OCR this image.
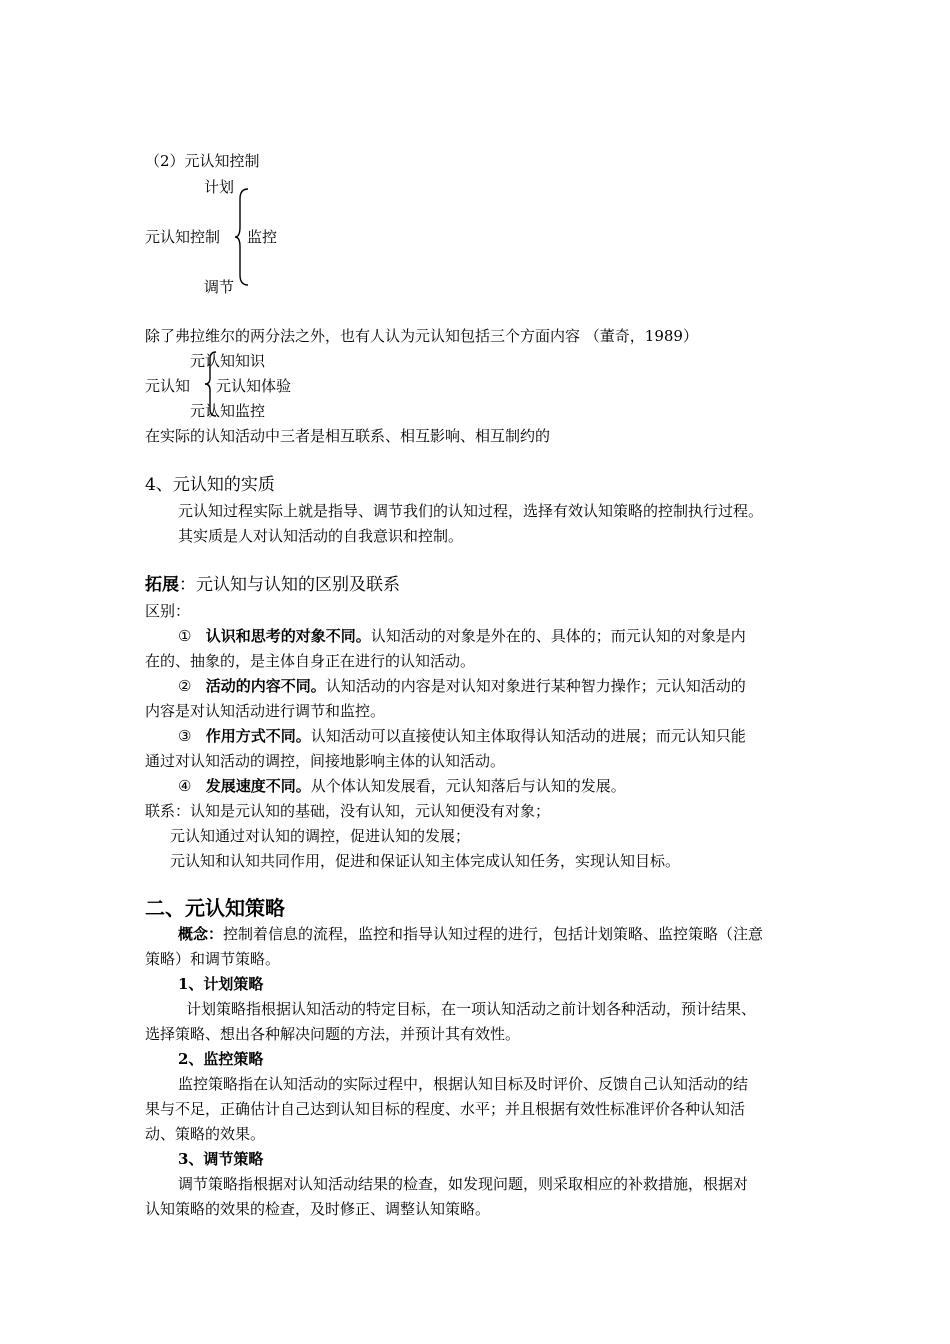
（2）元认知控制
计划
元认知控制 监控
调节
除了弗拉维尔的两分法之外，也有人认为元认知包括三个方面内容 （董奇，1989）
元认知知识
元认知 元认知体验
元认知监控
在实际的认知活动中三者是相互联系、相互影响、相互制约的
4、元认知的实质
元认知过程实际上就是指导、调节我们的认知过程，选择有效认知策略的控制执行过程。
其实质是人对认知活动的自我意识和控制。
拓展：元认知与认知的区别及联系
区别：
① 认识和思考的对象不同。认知活动的对象是外在的、具体的；而元认知的对象是内
在的、抽象的，是主体自身正在进行的认知活动。
② 活动的内容不同。认知活动的内容是对认知对象进行某种智力操作；元认知活动的
内容是对认知活动进行调节和监控。
③ 作用方式不同。认知活动可以直接使认知主体取得认知活动的进展；而元认知只能
通过对认知活动的调控，间接地影响主体的认知活动。
④ 发展速度不同。从个体认知发展看，元认知落后与认知的发展。
联系：认知是元认知的基础，没有认知，元认知便没有对象；
元认知通过对认知的调控，促进认知的发展；
元认知和认知共同作用，促进和保证认知主体完成认知任务，实现认知目标。
二、元认知策略
概念：控制着信息的流程，监控和指导认知过程的进行，包括计划策略、监控策略（注意
策略）和调节策略。
1、计划策略
计划策略指根据认知活动的特定目标，在一项认知活动之前计划各种活动，预计结果、
选择策略、想出各种解决问题的方法，并预计其有效性。
2、监控策略
监控策略指在认知活动的实际过程中，根据认知目标及时评价、反馈自己认知活动的结
果与不足，正确估计自己达到认知目标的程度、水平；并且根据有效性标准评价各种认知活
动、策略的效果。
3、调节策略
调节策略指根据对认知活动结果的检查，如发现问题，则采取相应的补救措施，根据对
认知策略的效果的检查，及时修正、调整认知策略。
